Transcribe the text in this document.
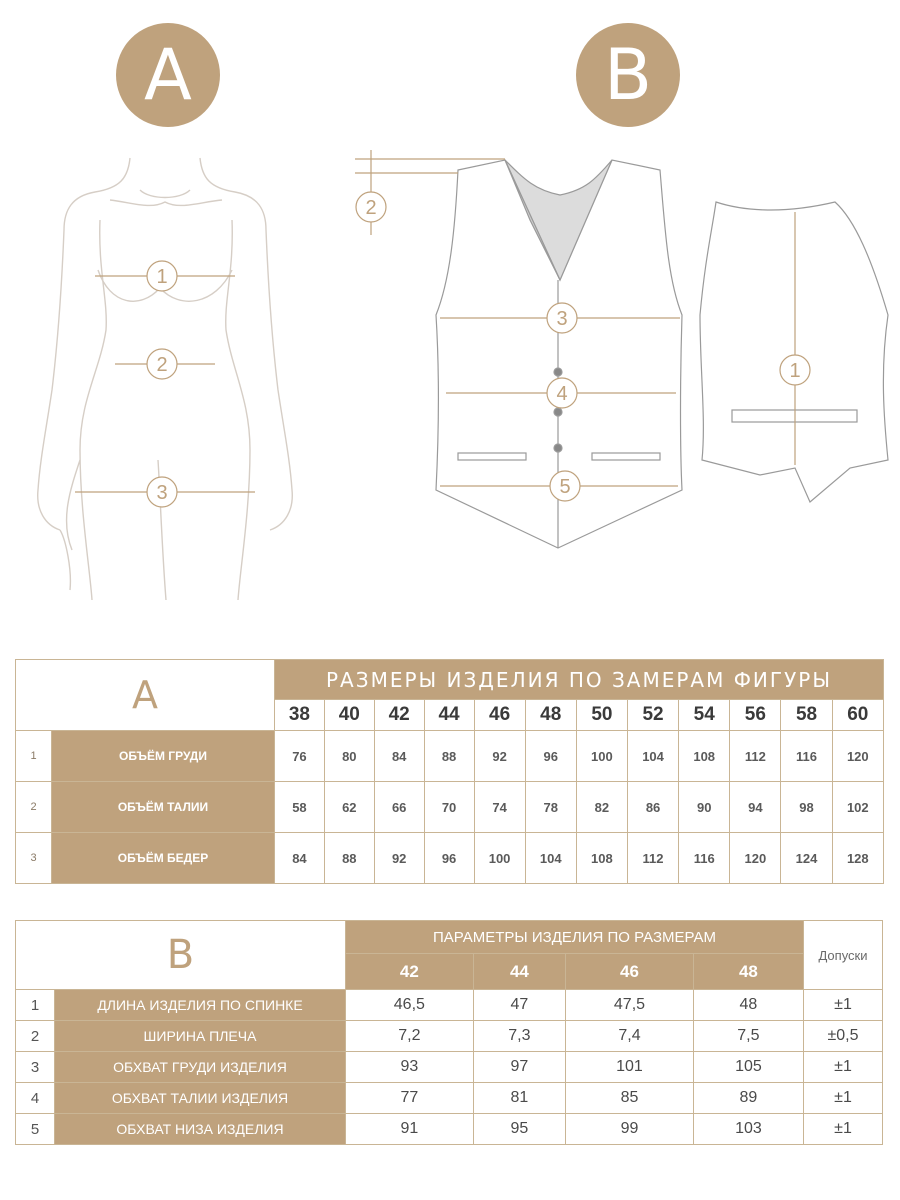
A	B
1
2
3
2
3
4
5
1
A		РАЗМЕРЫ ИЗДЕЛИЯ ПО ЗАМЕРАМ ФИГУРЫ											
		38	40	42	44	46	48	50	52	54	56	58	60
1	ОБЪЁМ ГРУДИ	76	80	84	88	92	96	100	104	108	112	116	120
2	ОБЪЁМ ТАЛИИ	58	62	66	70	74	78	82	86	90	94	98	102
3	ОБЪЁМ БЕДЕР	84	88	92	96	100	104	108	112	116	120	124	128
B		ПАРАМЕТРЫ ИЗДЕЛИЯ ПО РАЗМЕРАМ				Допуски
		42	44	46	48	
1	ДЛИНА ИЗДЕЛИЯ ПО СПИНКЕ	46,5	47	47,5	48	±1
2	ШИРИНА ПЛЕЧА	7,2	7,3	7,4	7,5	±0,5
3	ОБХВАТ ГРУДИ ИЗДЕЛИЯ	93	97	101	105	±1
4	ОБХВАТ ТАЛИИ ИЗДЕЛИЯ	77	81	85	89	±1
5	ОБХВАТ НИЗА ИЗДЕЛИЯ	91	95	99	103	±1
